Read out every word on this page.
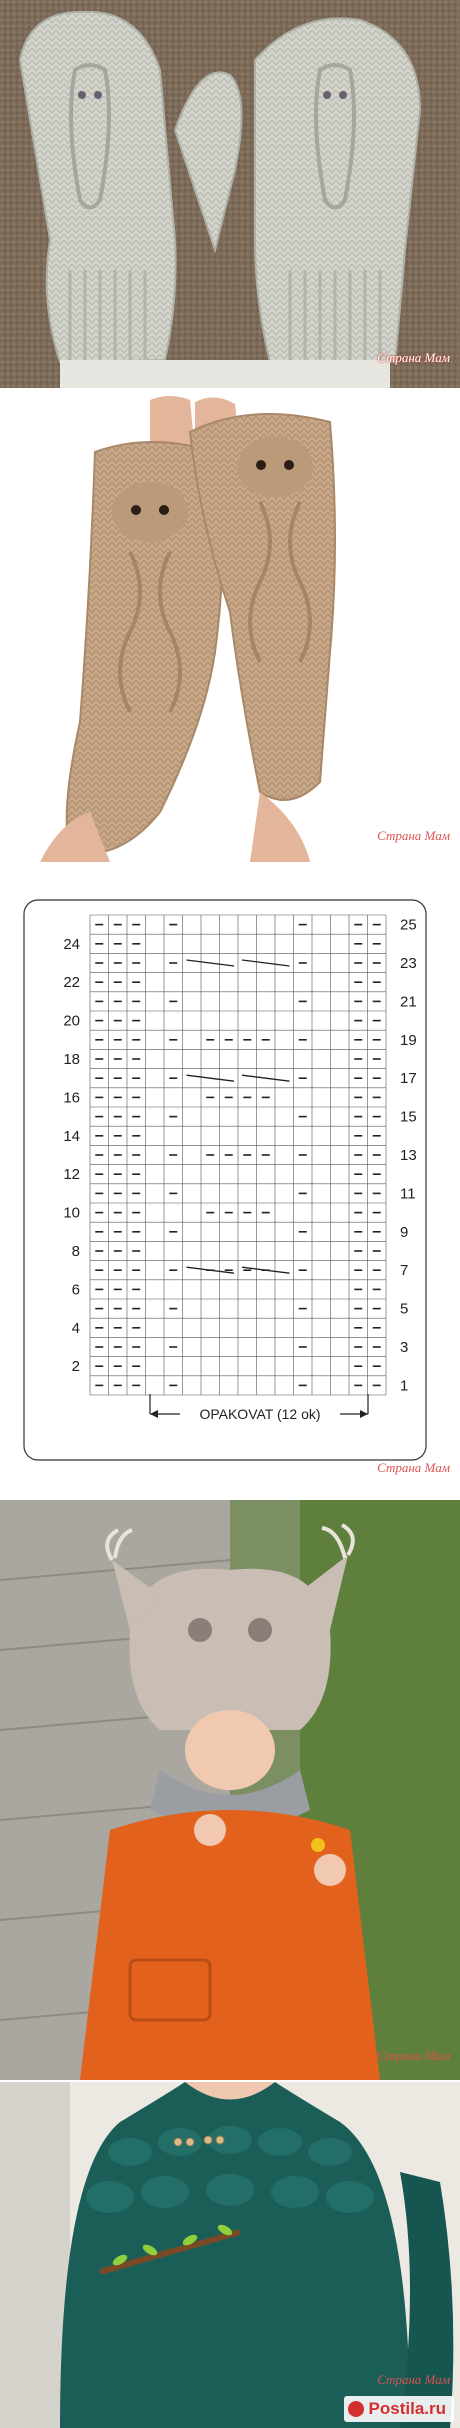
Страна Мам
Страна Мам
24
22
20
18
16
14
12
10
8
6
4
2
25
23
21
19
17
15
13
11
9
7
5
3
1
OPAKOVAT (12 ok)
Страна Мам
Страна Мам
Страна Мам
Postila.ru
